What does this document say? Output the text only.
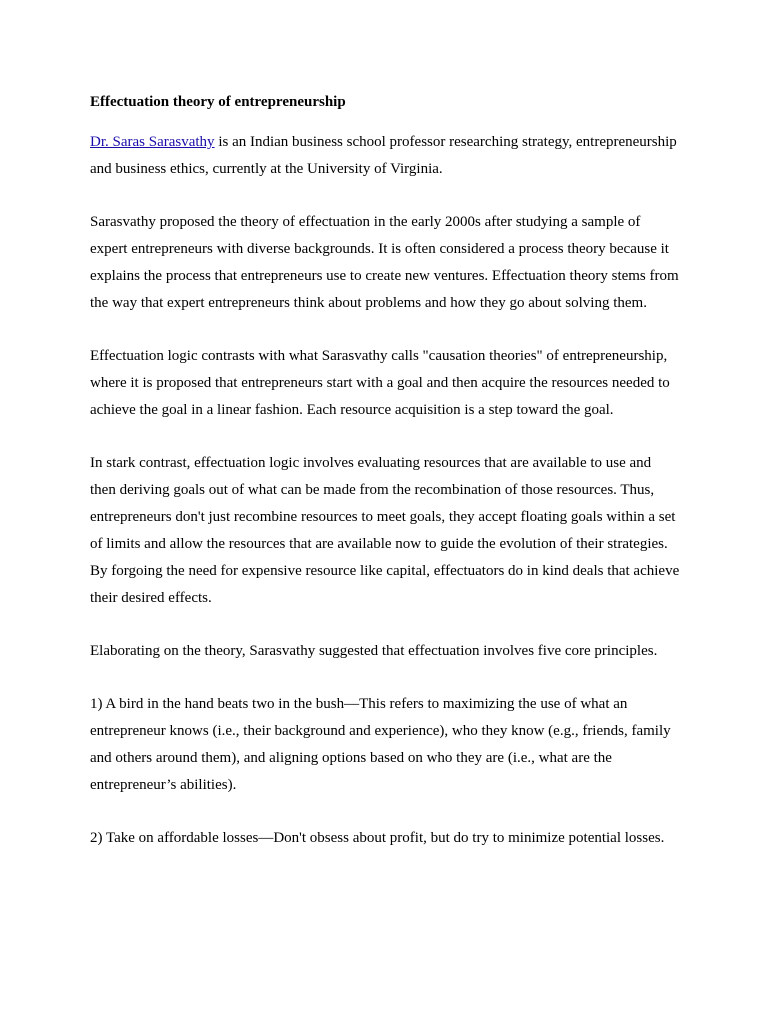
Effectuation theory of entrepreneurship

Dr. Saras Sarasvathy is an Indian business school professor researching strategy, entrepreneurship and business ethics, currently at the University of Virginia.

Sarasvathy proposed the theory of effectuation in the early 2000s after studying a sample of expert entrepreneurs with diverse backgrounds. It is often considered a process theory because it explains the process that entrepreneurs use to create new ventures. Effectuation theory stems from the way that expert entrepreneurs think about problems and how they go about solving them.

Effectuation logic contrasts with what Sarasvathy calls "causation theories" of entrepreneurship, where it is proposed that entrepreneurs start with a goal and then acquire the resources needed to achieve the goal in a linear fashion. Each resource acquisition is a step toward the goal.

In stark contrast, effectuation logic involves evaluating resources that are available to use and then deriving goals out of what can be made from the recombination of those resources. Thus, entrepreneurs don't just recombine resources to meet goals, they accept floating goals within a set of limits and allow the resources that are available now to guide the evolution of their strategies. By forgoing the need for expensive resource like capital, effectuators do in kind deals that achieve their desired effects.

Elaborating on the theory, Sarasvathy suggested that effectuation involves five core principles.

1) A bird in the hand beats two in the bush—This refers to maximizing the use of what an entrepreneur knows (i.e., their background and experience), who they know (e.g., friends, family and others around them), and aligning options based on who they are (i.e., what are the entrepreneur’s abilities).

2) Take on affordable losses—Don't obsess about profit, but do try to minimize potential losses.
